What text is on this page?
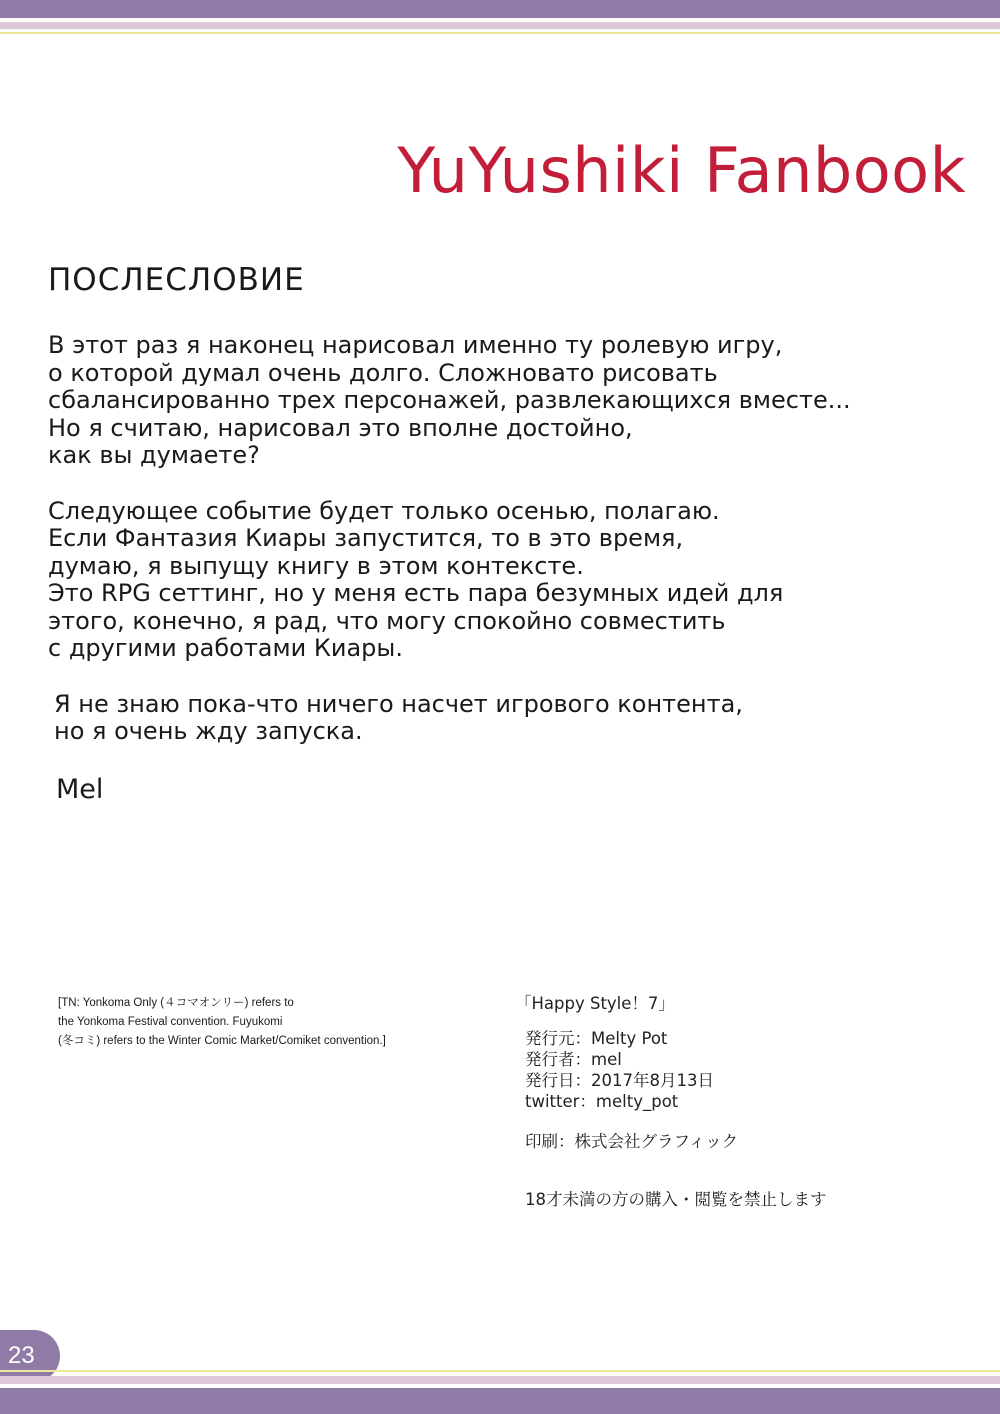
YuYushiki Fanbook
ПОСЛЕСЛОВИЕ
В этот раз я наконец нарисовал именно ту ролевую игру,
о которой думал очень долго. Сложновато рисовать
сбалансированно трех персонажей, развлекающихся вместе...
Но я считаю, нарисовал это вполне достойно,
как вы думаете?
Следующее событие будет только осенью, полагаю.
Если Фантазия Киары запустится, то в это время,
думаю, я выпущу книгу в этом контексте.
Это RPG сеттинг, но у меня есть пара безумных идей для
этого, конечно, я рад, что могу спокойно совместить
с другими работами Киары.
Я не знаю пока-что ничего насчет игрового контента,
но я очень жду запуска.
Mel
[TN: Yonkoma Only (４コマオンリー) refers to
the Yonkoma Festival convention. Fuyukomi
(冬コミ) refers to the Winter Comic Market/Comiket convention.]
「Happy Style！7」
発行元：Melty Pot
発行者：mel
発行日：2017年8月13日
twitter：melty_pot
印刷：株式会社グラフィック
18才未満の方の購入・閲覧を禁止します
23
